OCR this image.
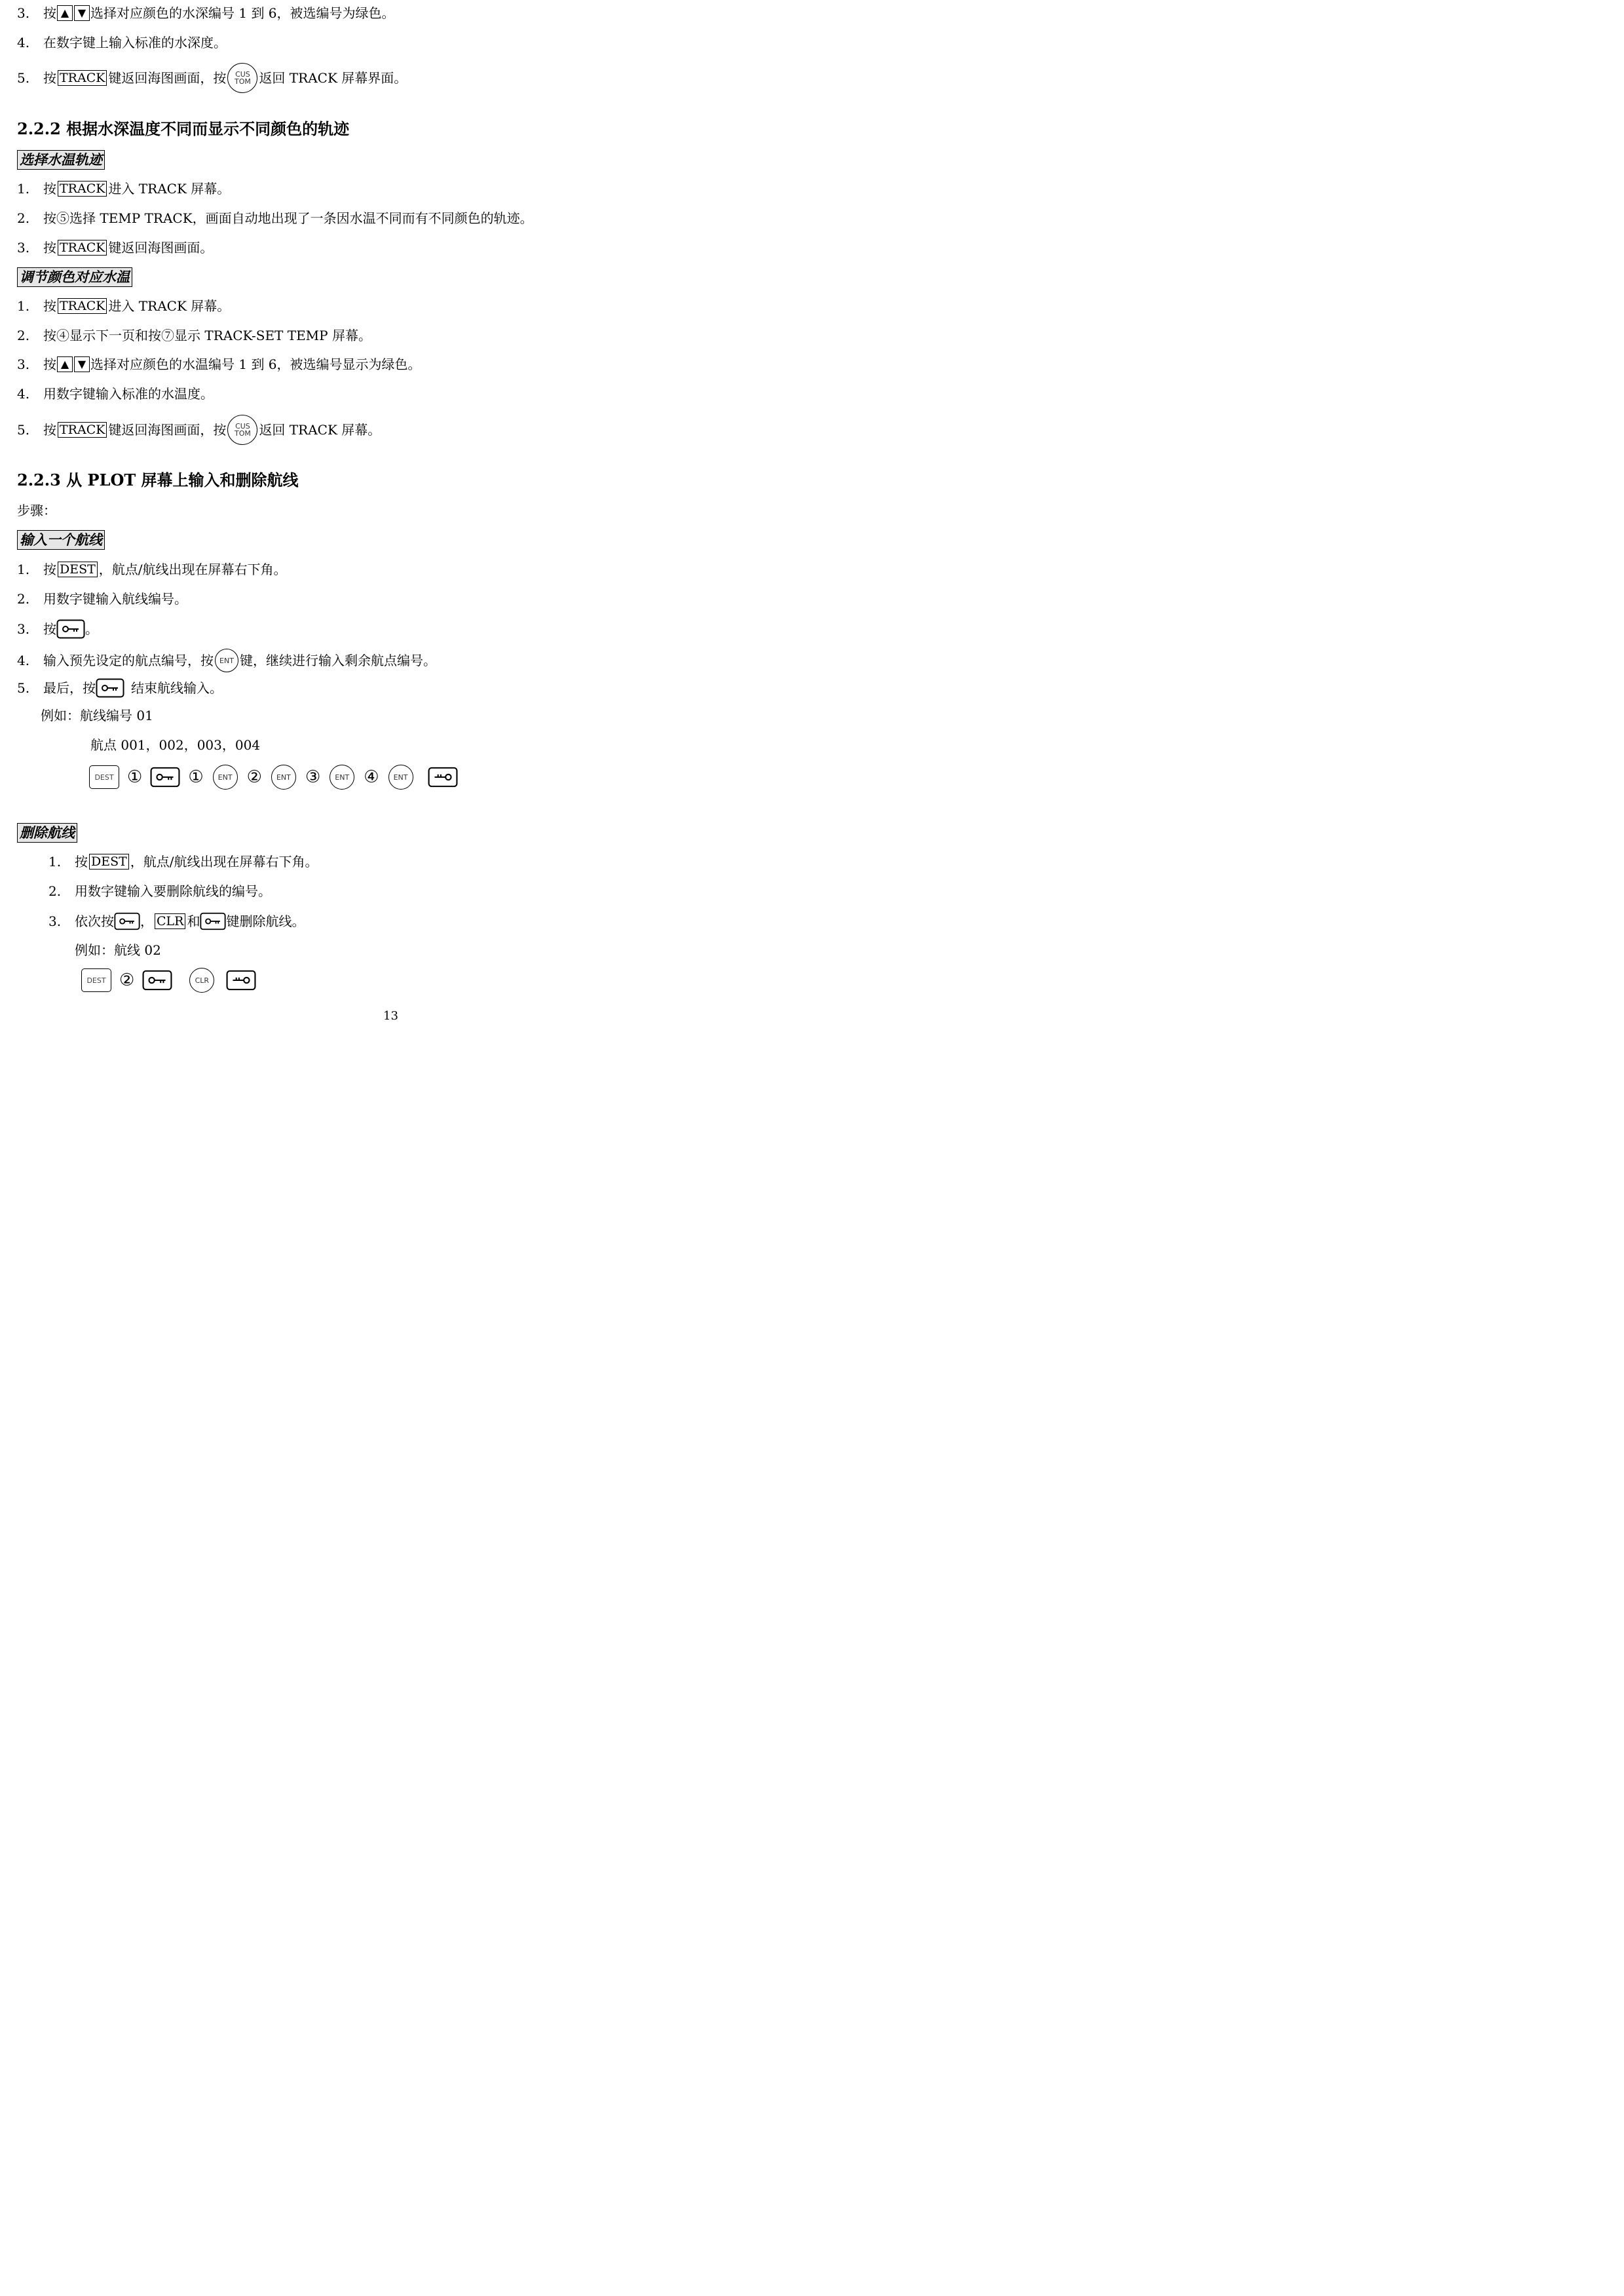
3.	按 ▲ ▼ 选择对应颜色的水深编号 1 到 6，被选编号为绿色。
4.	在数字键上输入标准的水深度。
5.	按 TRACK 键返回海图画面，按 CUS
TOM 返回 TRACK 屏幕界面。
2.2.2 根据水深温度不同而显示不同颜色的轨迹
选择水温轨迹
1.	按 TRACK 进入 TRACK 屏幕。
2.	按⑤选择 TEMP TRACK，画面自动地出现了一条因水温不同而有不同颜色的轨迹。
3.	按 TRACK 键返回海图画面。
调节颜色对应水温
1.	按 TRACK 进入 TRACK 屏幕。
2.	按④显示下一页和按⑦显示 TRACK-SET TEMP 屏幕。
3.	按 ▲ ▼ 选择对应颜色的水温编号 1 到 6，被选编号显示为绿色。
4.	用数字键输入标准的水温度。
5.	按 TRACK 键返回海图画面，按 CUS
TOM 返回 TRACK 屏幕。
2.2.3 从 PLOT 屏幕上输入和删除航线
步骤：
输入一个航线
1.	按 DEST ，航点/航线出现在屏幕右下角。
2.	用数字键输入航线编号。
3.	按 。
4.	输入预先设定的航点编号，按 ENT 键，继续进行输入剩余航点编号。
5.	最后，按	结束航线输入。
例如：航线编号 01
航点 001，002，003，004
DEST ①	①	ENT ②	ENT ③	ENT ④	ENT
删除航线
1.	按 DEST ，航点/航线出现在屏幕右下角。
2.	用数字键输入要删除航线的编号。
3.	依次按 ， CLR 和 键删除航线。
例如：航线 02
DEST ②	CLR
13
